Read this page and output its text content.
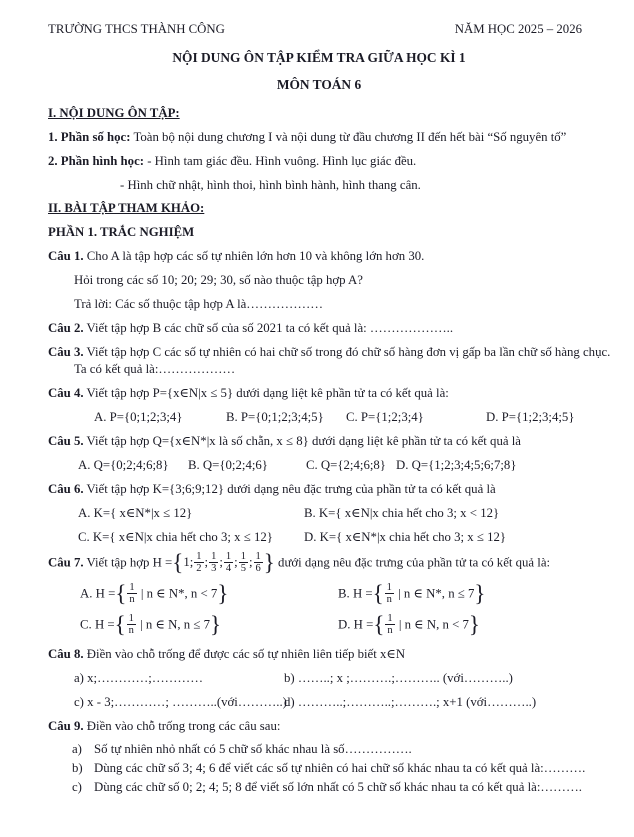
TRƯỜNG THCS THÀNH CÔNG	NĂM HỌC 2025 – 2026
NỘI DUNG ÔN TẬP KIỂM TRA GIỮA HỌC KÌ 1
MÔN TOÁN 6
I. NỘI DUNG ÔN TẬP:

1. Phần số học: Toàn bộ nội dung chương I và nội dung từ đầu chương II đến hết bài “Số nguyên tố”

2. Phần hình học: - Hình tam giác đều. Hình vuông. Hình lục giác đều.

- Hình chữ nhật, hình thoi, hình bình hành, hình thang cân.

II. BÀI TẬP THAM KHẢO:

PHẦN 1. TRẮC NGHIỆM

Câu 1. Cho A là tập hợp các số tự nhiên lớn hơn 10 và không lớn hơn 30.

Hỏi trong các số 10; 20; 29; 30, số nào thuộc tập hợp A?

Trả lời: Các số thuộc tập hợp A là………………

Câu 2. Viết tập hợp B các chữ số của số 2021 ta có kết quả là: ………………..

Câu 3. Viết tập hợp C các số tự nhiên có hai chữ số trong đó chữ số hàng đơn vị gấp ba lần chữ số hàng chục.

Ta có kết quả là:………………

Câu 4. Viết tập hợp P={x∈N|x ≤ 5} dưới dạng liệt kê phần tử ta có kết quả là:

A. P={0;1;2;3;4}	B. P={0;1;2;3;4;5}	C. P={1;2;3;4}	D. P={1;2;3;4;5}

Câu 5. Viết tập hợp Q={x∈N*|x là số chẵn, x ≤ 8} dưới dạng liệt kê phần tử ta có kết quả là

A. Q={0;2;4;6;8}	B. Q={0;2;4;6}	C. Q={2;4;6;8} D. Q={1;2;3;4;5;6;7;8}

Câu 6. Viết tập hợp K={3;6;9;12} dưới dạng nêu đặc trưng của phần tử ta có kết quả là

A. K={ x∈N*|x ≤ 12}	B. K={ x∈N|x chia hết cho 3; x < 12}
C. K={ x∈N|x chia hết cho 3; x ≤ 12}	D. K={ x∈N*|x chia hết cho 3; x ≤ 12}

Câu 7. Viết tập hợp H ={1; $\frac{1}{2}$ ; $\frac{1}{3}$ ; $\frac{1}{4}$ ; $\frac{1}{5}$ ; $\frac{1}{6}$ } dưới dạng nêu đặc trưng của phần tử ta có kết quả là:

A. H ={ $\frac{1}{n}$ | n ∈ N*, n < 7}	B. H ={ $\frac{1}{n}$ | n ∈ N*, n ≤ 7}
C. H ={ $\frac{1}{n}$ | n ∈ N, n ≤ 7}	D. H ={ $\frac{1}{n}$ | n ∈ N, n < 7}

Câu 8. Điền vào chỗ trống để được các số tự nhiên liên tiếp biết x∈N

a) x;…………;…………	b) ……..; x ;……….;……….. (với………..)
c) x - 3;…………; ………..(với………..)
d) ………..;………..;……….; x+1 (với………..)

Câu 9. Điền vào chỗ trống trong các câu sau:

a) Số tự nhiên nhỏ nhất có 5 chữ số khác nhau là số…………….
b) Dùng các chữ số 3; 4; 6 để viết các số tự nhiên có hai chữ số khác nhau ta có kết quả là:……….
c) Dùng các chữ số 0; 2; 4; 5; 8 để viết số lớn nhất có 5 chữ số khác nhau ta có kết quả là:……….
